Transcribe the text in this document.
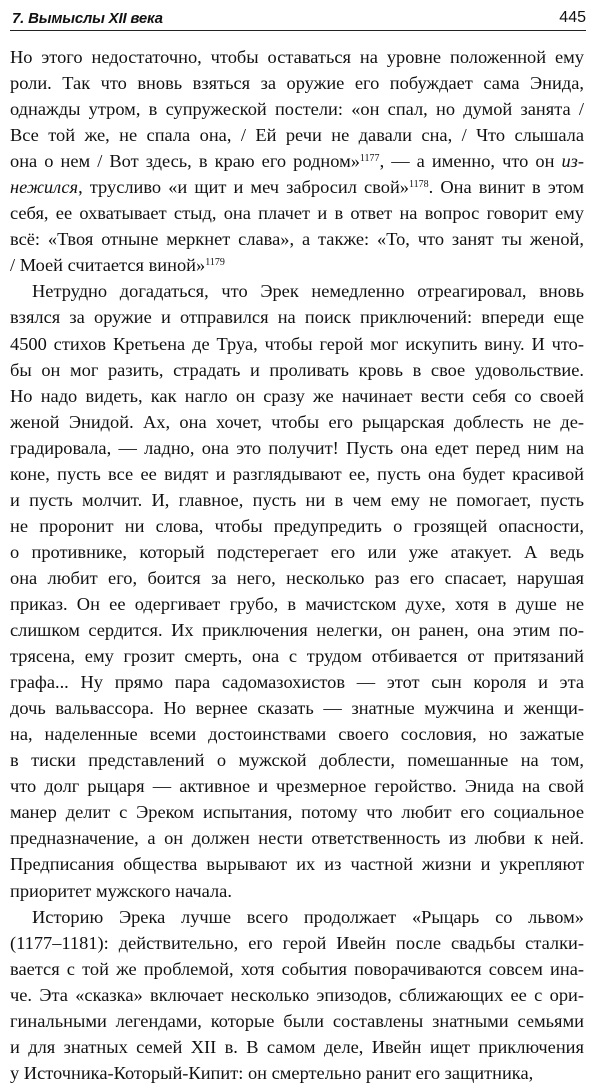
7. Вымыслы XII века	445
Но этого недостаточно, чтобы оставаться на уровне положенной ему
роли. Так что вновь взяться за оружие его побуждает сама Энида,
однажды утром, в супружеской постели: «он спал, но думой занята /
Все той же, не спала она, / Ей речи не давали сна, / Что слышала
она о нем / Вот здесь, в краю его родном»$^{1177}$, — а именно, что он из-
нежился, трусливо «и щит и меч забросил свой»$^{1178}$. Она винит в этом
себя, ее охватывает стыд, она плачет и в ответ на вопрос говорит ему
всё: «Твоя отныне меркнет слава», а также: «То, что занят ты женой,
/ Моей считается виной»$^{1179}$
Нетрудно догадаться, что Эрек немедленно отреагировал, вновь
взялся за оружие и отправился на поиск приключений: впереди еще
4500 стихов Кретьена де Труа, чтобы герой мог искупить вину. И что-
бы он мог разить, страдать и проливать кровь в свое удовольствие.
Но надо видеть, как нагло он сразу же начинает вести себя со своей
женой Энидой. Ах, она хочет, чтобы его рыцарская доблесть не де-
градировала, — ладно, она это получит! Пусть она едет перед ним на
коне, пусть все ее видят и разглядывают ее, пусть она будет красивой
и пусть молчит. И, главное, пусть ни в чем ему не помогает, пусть
не проронит ни слова, чтобы предупредить о грозящей опасности,
о противнике, который подстерегает его или уже атакует. А ведь
она любит его, боится за него, несколько раз его спасает, нарушая
приказ. Он ее одергивает грубо, в мачистском духе, хотя в душе не
слишком сердится. Их приключения нелегки, он ранен, она этим по-
трясена, ему грозит смерть, она с трудом отбивается от притязаний
графа... Ну прямо пара садомазохистов — этот сын короля и эта
дочь вальвассора. Но вернее сказать — знатные мужчина и женщи-
на, наделенные всеми достоинствами своего сословия, но зажатые
в тиски представлений о мужской доблести, помешанные на том,
что долг рыцаря — активное и чрезмерное геройство. Энида на свой
манер делит с Эреком испытания, потому что любит его социальное
предназначение, а он должен нести ответственность из любви к ней.
Предписания общества вырывают их из частной жизни и укрепляют
приоритет мужского начала.
Историю Эрека лучше всего продолжает «Рыцарь со львом»
(1177–1181): действительно, его герой Ивейн после свадьбы сталки-
вается с той же проблемой, хотя события поворачиваются совсем ина-
че. Эта «сказка» включает несколько эпизодов, сближающих ее с ори-
гинальными легендами, которые были составлены знатными семьями
и для знатных семей XII в. В самом деле, Ивейн ищет приключения
у Источника-Который-Кипит: он смертельно ранит его защитника,
